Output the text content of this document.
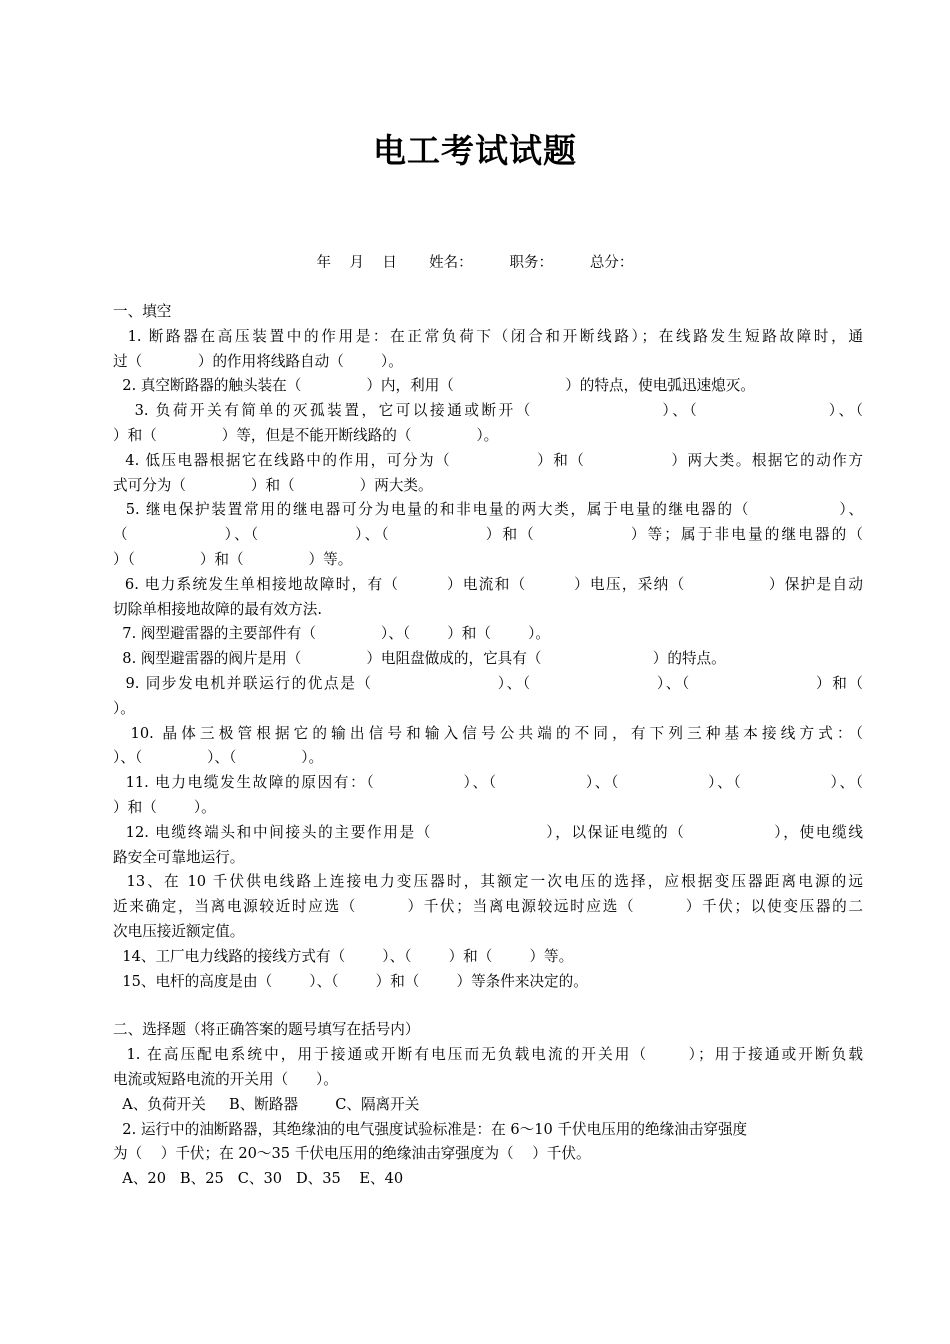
电工考试试题
年    月    日       姓名：        职务：        总分：
一、填空
1. 断路器在高压装置中的作用是：在正常负荷下（闭合和开断线路）；在线路发生短路故障时，通
过（            ）的作用将线路自动（        ）。
2. 真空断路器的触头装在（              ）内，利用（                        ）的特点，使电弧迅速熄灭。
3. 负荷开关有简单的灭孤装置，它可以接通或断开（                  ）、（                  ）、（
）和（              ）等，但是不能开断线路的（              ）。
4. 低压电器根据它在线路中的作用，可分为（              ）和（              ）两大类。根据它的动作方
式可分为（              ）和（              ）两大类。
5. 继电保护装置常用的继电器可分为电量的和非电量的两大类，属于电量的继电器的（              ）、
（              ）、（              ）、（              ）和（              ）等；属于非电量的继电器的（
）（              ）和（              ）等。
6. 电力系统发生单相接地故障时，有（        ）电流和（        ）电压，采纳（              ）保护是自动
切除单相接地故障的最有效方法.
7. 阀型避雷器的主要部件有（              ）、（        ）和（        ）。
8. 阀型避雷器的阀片是用（              ）电阻盘做成的，它具有（                        ）的特点。
9. 同步发电机并联运行的优点是（                    ）、（                    ）、（                    ）和（
）。
10. 晶体三极管根据它的输出信号和输入信号公共端的不同，有下列三种基本接线方式：（
）、（              ）、（              ）。
11. 电力电缆发生故障的原因有：（              ）、（              ）、（              ）、（              ）、（
）和（        ）。
12. 电缆终端头和中间接头的主要作用是（                  ），以保证电缆的（              ），使电缆线
路安全可靠地运行。
13、在 10 千伏供电线路上连接电力变压器时，其额定一次电压的选择，应根据变压器距离电源的远
近来确定，当离电源较近时应选（        ）千伏；当离电源较远时应选（        ）千伏；以使变压器的二
次电压接近额定值。
14、工厂电力线路的接线方式有（        ）、（        ）和（        ）等。
15、电杆的高度是由（        ）、（        ）和（        ）等条件来决定的。
二、选择题（将正确答案的题号填写在括号内）
1. 在高压配电系统中，用于接通或开断有电压而无负载电流的开关用（      ）；用于接通或开断负载
电流或短路电流的开关用（      ）。
A、负荷开关     B、断路器        C、隔离开关
2. 运行中的油断路器，其绝缘油的电气强度试验标准是：在 6～10 千伏电压用的绝缘油击穿强度
为（    ）千伏；在 20～35 千伏电压用的绝缘油击穿强度为（    ）千伏。
A、20   B、25   C、30   D、35    E、40
